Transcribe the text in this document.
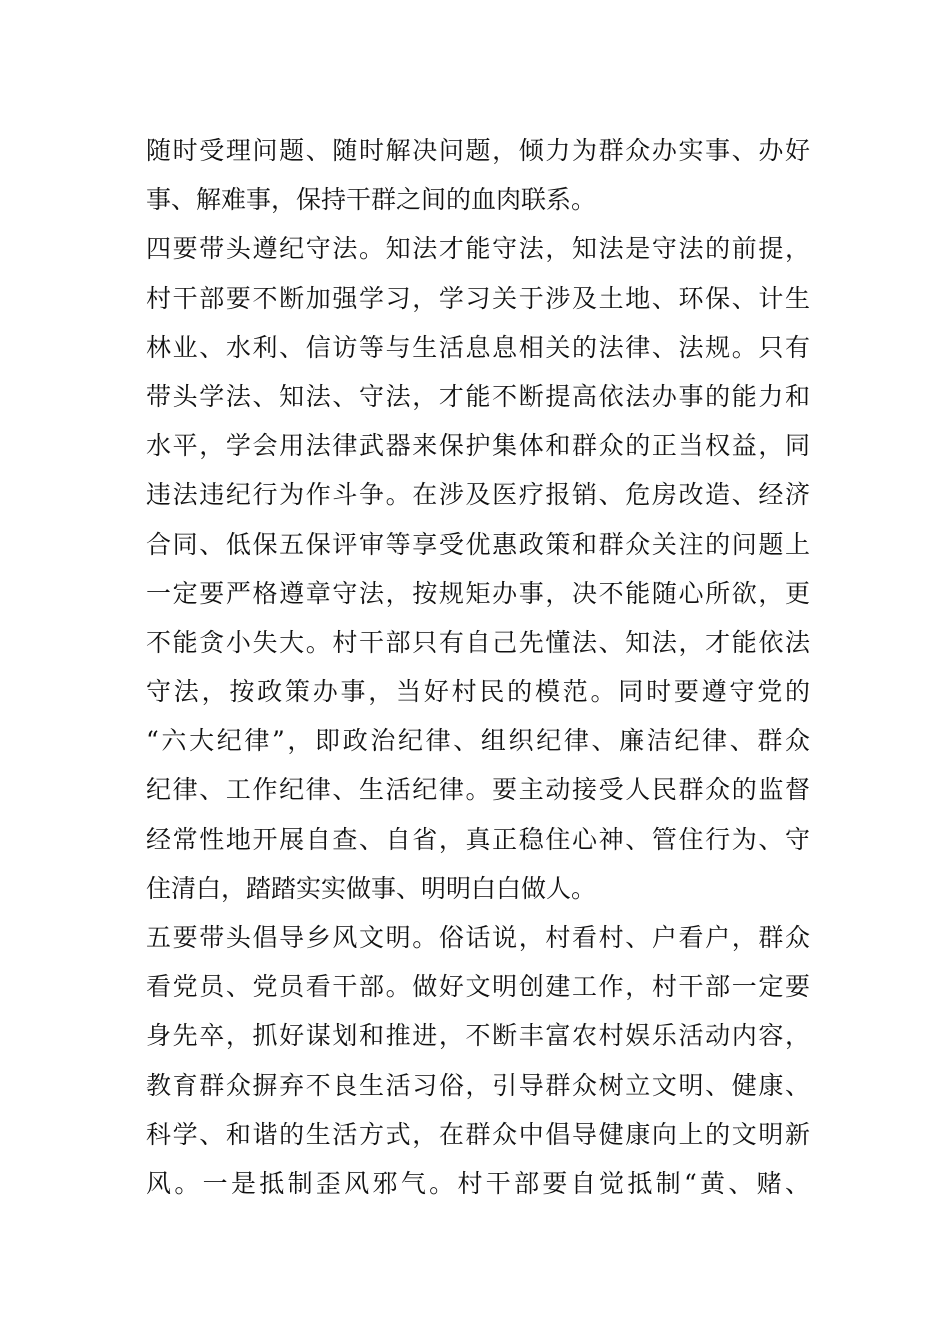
随时受理问题、随时解决问题，倾力为群众办实事、办好
事、解难事，保持干群之间的血肉联系。
四要带头遵纪守法。知法才能守法，知法是守法的前提，
村干部要不断加强学习，学习关于涉及土地、环保、计生
林业、水利、信访等与生活息息相关的法律、法规。只有
带头学法、知法、守法，才能不断提高依法办事的能力和
水平，学会用法律武器来保护集体和群众的正当权益，同
违法违纪行为作斗争。在涉及医疗报销、危房改造、经济
合同、低保五保评审等享受优惠政策和群众关注的问题上
一定要严格遵章守法，按规矩办事，决不能随心所欲，更
不能贪小失大。村干部只有自己先懂法、知法，才能依法
守法，按政策办事，当好村民的模范。同时要遵守党的
“六大纪律”，即政治纪律、组织纪律、廉洁纪律、群众
纪律、工作纪律、生活纪律。要主动接受人民群众的监督
经常性地开展自查、自省，真正稳住心神、管住行为、守
住清白，踏踏实实做事、明明白白做人。
五要带头倡导乡风文明。俗话说，村看村、户看户，群众
看党员、党员看干部。做好文明创建工作，村干部一定要
身先卒，抓好谋划和推进，不断丰富农村娱乐活动内容，
教育群众摒弃不良生活习俗，引导群众树立文明、健康、
科学、和谐的生活方式，在群众中倡导健康向上的文明新
风。一是抵制歪风邪气。村干部要自觉抵制“黄、赌、
